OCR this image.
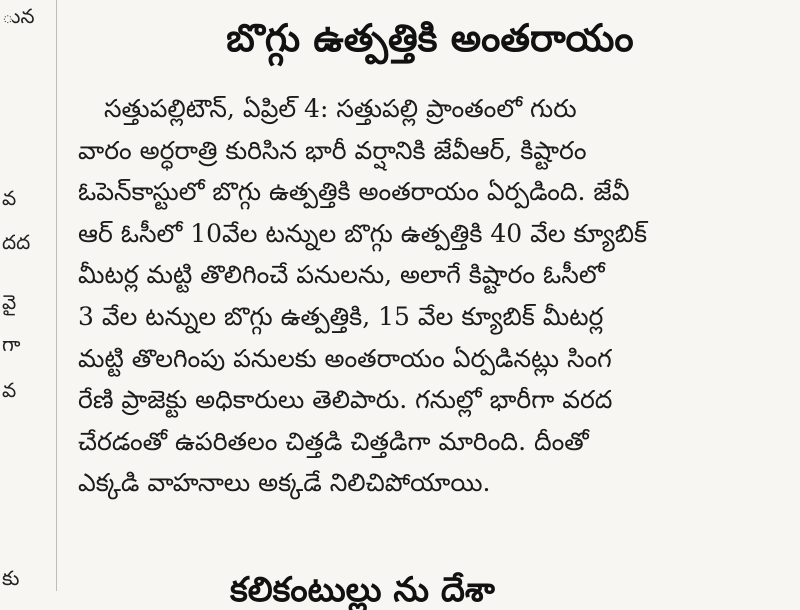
ున
వ
దద
వై
గా
వ
కు
బొగ్గు ఉత్పత్తికి అంతరాయం
సత్తుపల్లిటౌన్, ఏప్రిల్ 4: సత్తుపల్లి ప్రాంతంలో గురు
వారం అర్ధరాత్రి కురిసిన భారీ వర్షానికి జేవీఆర్, కిష్టారం
ఓపెన్‌కాస్టులో బొగ్గు ఉత్పత్తికి అంతరాయం ఏర్పడింది. జేవీ
ఆర్ ఓసీలో 10వేల టన్నుల బొగ్గు ఉత్పత్తికి 40 వేల క్యూబిక్
మీటర్ల మట్టి తొలిగించే పనులను, అలాగే కిష్టారం ఓసీలో
3 వేల టన్నుల బొగ్గు ఉత్పత్తికి, 15 వేల క్యూబిక్ మీటర్ల
మట్టి తొలగింపు పనులకు అంతరాయం ఏర్పడినట్లు సింగ
రేణి ప్రాజెక్టు అధికారులు తెలిపారు. గనుల్లో భారీగా వరద
చేరడంతో ఉపరితలం చిత్తడి చిత్తడిగా మారింది. దీంతో
ఎక్కడి వాహనాలు అక్కడే నిలిచిపోయాయి.
కలికంటుల్లు ను దేశా
